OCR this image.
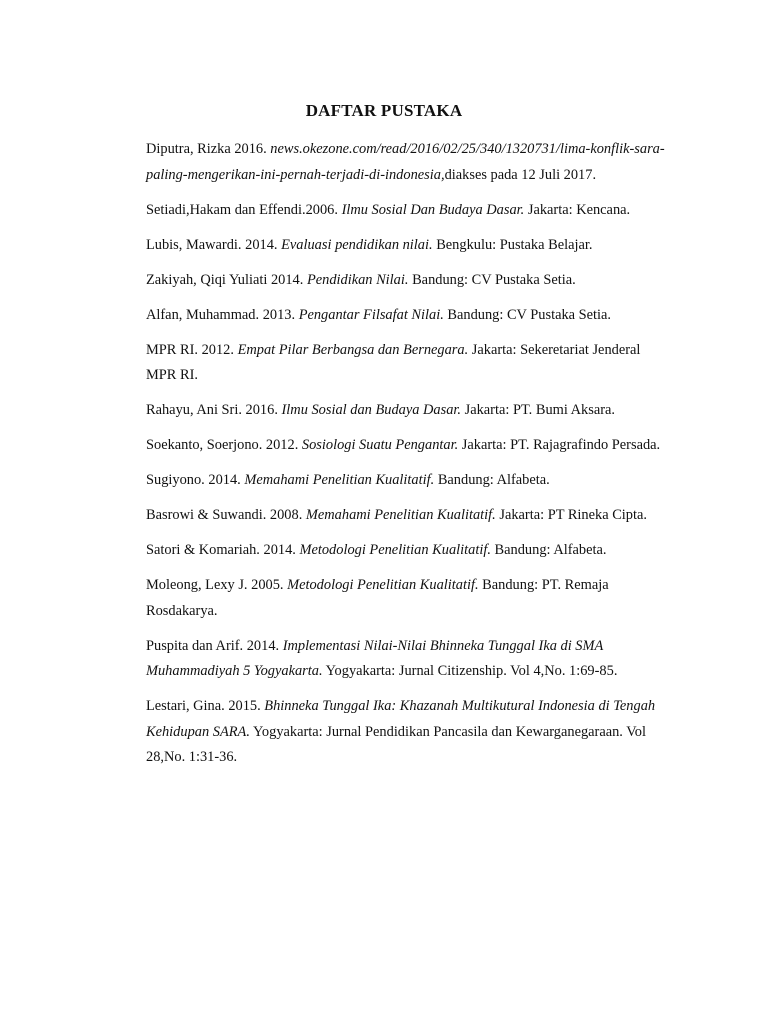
DAFTAR PUSTAKA
Diputra, Rizka 2016. news.okezone.com/read/2016/02/25/340/1320731/lima-konflik-sara-paling-mengerikan-ini-pernah-terjadi-di-indonesia,diakses pada 12 Juli 2017.
Setiadi,Hakam dan Effendi.2006. Ilmu Sosial Dan Budaya Dasar. Jakarta: Kencana.
Lubis, Mawardi. 2014. Evaluasi pendidikan nilai. Bengkulu: Pustaka Belajar.
Zakiyah, Qiqi Yuliati 2014. Pendidikan Nilai. Bandung: CV Pustaka Setia.
Alfan, Muhammad. 2013. Pengantar Filsafat Nilai. Bandung: CV Pustaka Setia.
MPR RI. 2012. Empat Pilar Berbangsa dan Bernegara. Jakarta: Sekeretariat Jenderal MPR RI.
Rahayu, Ani Sri. 2016. Ilmu Sosial dan Budaya Dasar. Jakarta: PT. Bumi Aksara.
Soekanto, Soerjono. 2012. Sosiologi Suatu Pengantar. Jakarta: PT. Rajagrafindo Persada.
Sugiyono. 2014. Memahami Penelitian Kualitatif. Bandung: Alfabeta.
Basrowi & Suwandi. 2008. Memahami Penelitian Kualitatif. Jakarta: PT Rineka Cipta.
Satori & Komariah. 2014. Metodologi Penelitian Kualitatif. Bandung: Alfabeta.
Moleong, Lexy J. 2005. Metodologi Penelitian Kualitatif. Bandung: PT. Remaja Rosdakarya.
Puspita dan Arif. 2014. Implementasi Nilai-Nilai Bhinneka Tunggal Ika di SMA Muhammadiyah 5 Yogyakarta. Yogyakarta: Jurnal Citizenship. Vol 4,No. 1:69-85.
Lestari, Gina. 2015. Bhinneka Tunggal Ika: Khazanah Multikutural Indonesia di Tengah Kehidupan SARA. Yogyakarta: Jurnal Pendidikan Pancasila dan Kewarganegaraan. Vol 28,No. 1:31-36.
